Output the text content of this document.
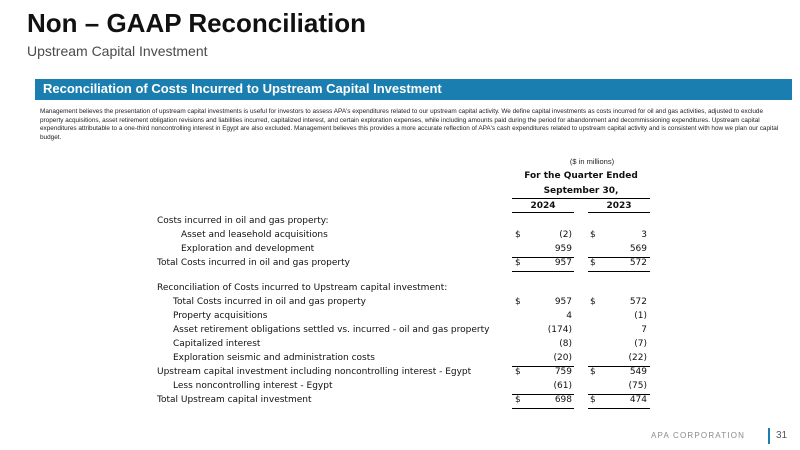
Non – GAAP Reconciliation
Upstream Capital Investment
Reconciliation of Costs Incurred to Upstream Capital Investment
Management believes the presentation of upstream capital investments is useful for investors to assess APA's expenditures related to our upstream capital activity. We define capital investments as costs incurred for oil and gas activities, adjusted to exclude property acquisitions, asset retirement obligation revisions and liabilities incurred, capitalized interest, and certain exploration expenses, while including amounts paid during the period for abandonment and decommissioning expenditures. Upstream capital expenditures attributable to a one-third noncontrolling interest in Egypt are also excluded. Management believes this provides a more accurate reflection of APA's cash expenditures related to upstream capital activity and is consistent with how we plan our capital budget.
($ in millions)
For the Quarter Ended
September 30,
2024	2023
Costs incurred in oil and gas property:
Asset and leasehold acquisitions	$	(2) $	3
Exploration and development	959	569
Total Costs incurred in oil and gas property	$	957 $	572
Reconciliation of Costs incurred to Upstream capital investment:
Total Costs incurred in oil and gas property	$	957 $	572
Property acquisitions	4	(1)
Asset retirement obligations settled vs. incurred - oil and gas property	(174)	7
Capitalized interest	(8)	(7)
Exploration seismic and administration costs	(20)	(22)
Upstream capital investment including noncontrolling interest - Egypt	$	759 $	549
Less noncontrolling interest - Egypt	(61)	(75)
Total Upstream capital investment	$	698 $	474
APA CORPORATION	31
